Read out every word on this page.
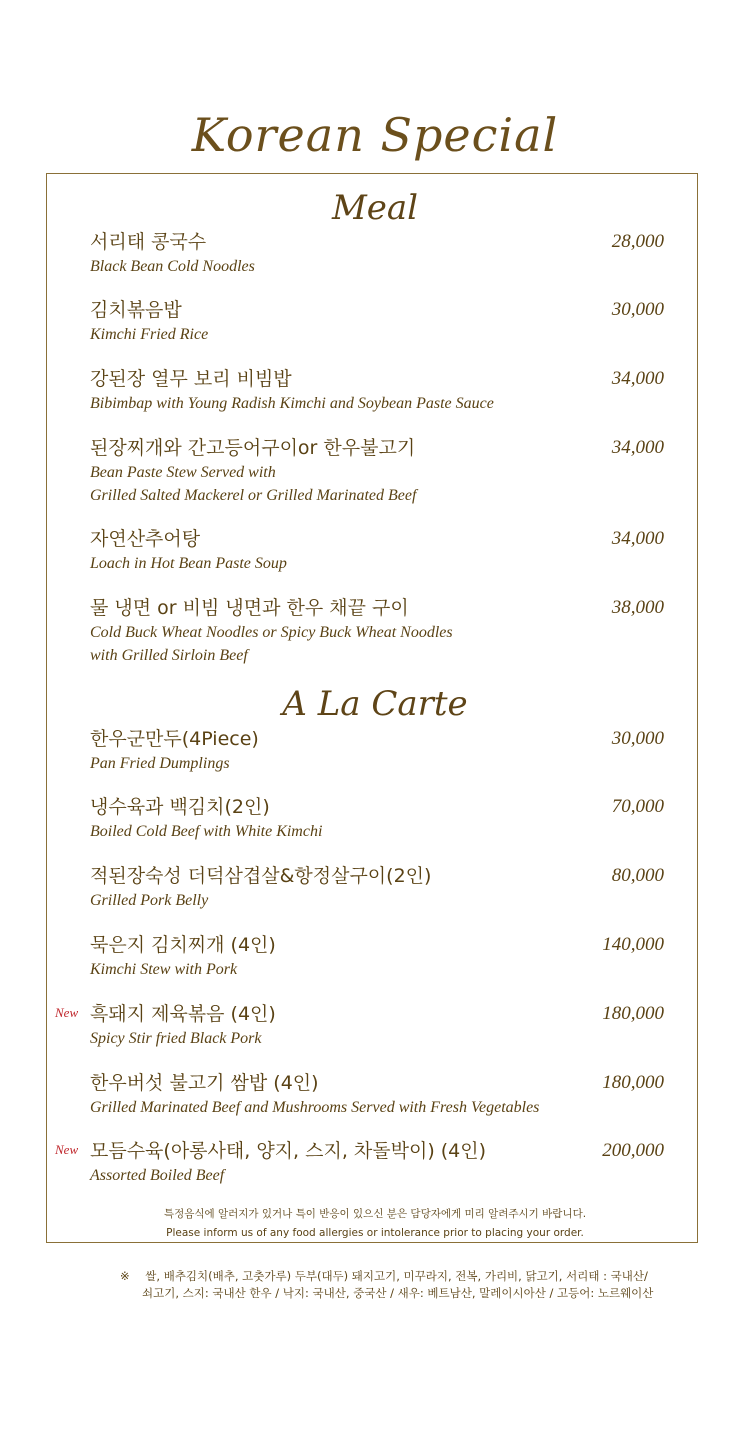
Korean Special
Meal
서리태 콩국수
Black Bean Cold Noodles
28,000
김치볶음밥
Kimchi Fried Rice
30,000
강된장 열무 보리 비빔밥
Bibimbap with Young Radish Kimchi and Soybean Paste Sauce
34,000
된장찌개와 간고등어구이or 한우불고기
Bean Paste Stew Served with
Grilled Salted Mackerel or Grilled Marinated Beef
34,000
자연산추어탕
Loach in Hot Bean Paste Soup
34,000
물 냉면 or 비빔 냉면과 한우 채끝 구이
Cold Buck Wheat Noodles or Spicy Buck Wheat Noodles
with Grilled Sirloin Beef
38,000
A La Carte
한우군만두(4Piece)
Pan Fried Dumplings
30,000
냉수육과 백김치(2인)
Boiled Cold Beef with White Kimchi
70,000
적된장숙성 더덕삼겹살&항정살구이(2인)
Grilled Pork Belly
80,000
묵은지 김치찌개 (4인)
Kimchi Stew with Pork
140,000
New 흑돼지 제육볶음 (4인)
Spicy Stir fried Black Pork
180,000
한우버섯 불고기 쌈밥 (4인)
Grilled Marinated Beef and Mushrooms Served with Fresh Vegetables
180,000
New 모듬수육(아롱사태, 양지, 스지, 차돌박이) (4인)
Assorted Boiled Beef
200,000
특정음식에 알러지가 있거나 특이 반응이 있으신 분은 담당자에게 미리 알려주시기 바랍니다.
Please inform us of any food allergies or intolerance prior to placing your order.
※ 쌀, 배추김치(배추, 고춧가루) 두부(대두) 돼지고기, 미꾸라지, 전복, 가리비, 닭고기, 서리태 : 국내산/
쇠고기, 스지: 국내산 한우 / 낙지: 국내산, 중국산 / 새우: 베트남산, 말레이시아산 / 고등어: 노르웨이산
